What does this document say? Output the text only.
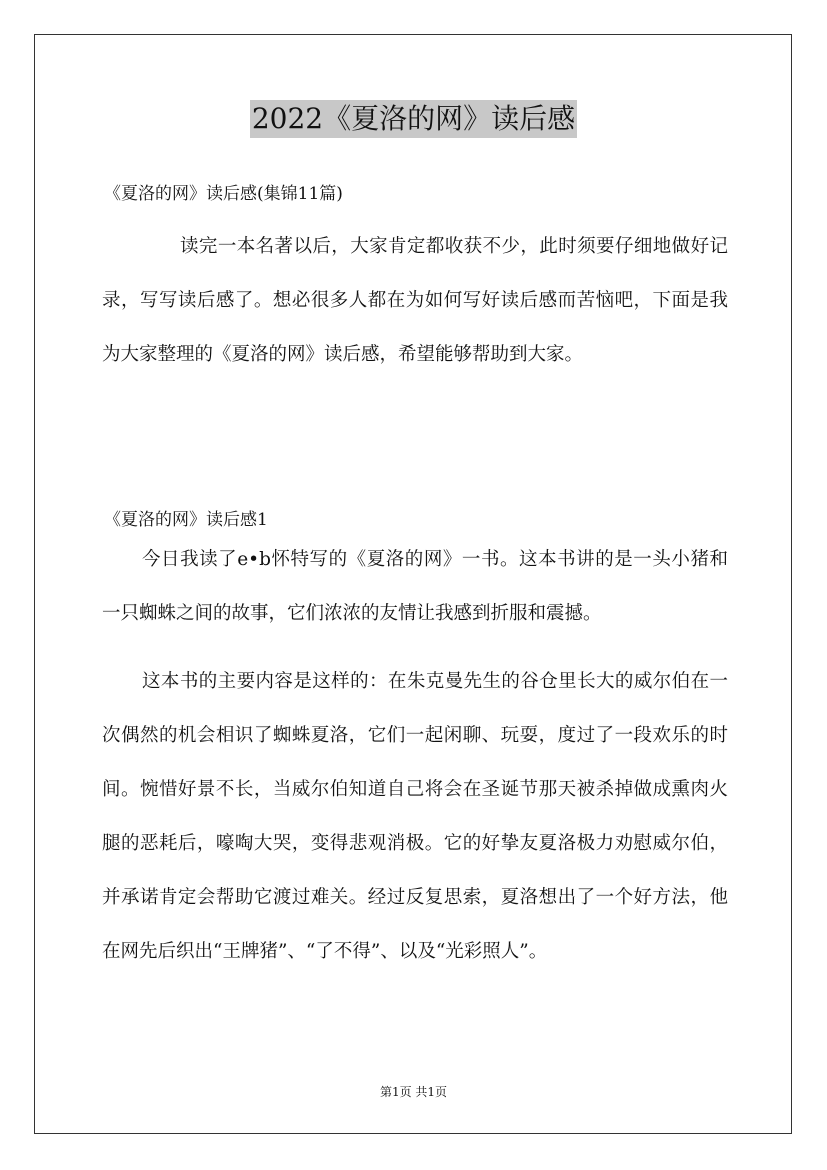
2022《夏洛的网》读后感
《夏洛的网》读后感(集锦11篇)

读完一本名著以后，大家肯定都收获不少，此时须要仔细地做好记录，写写读后感了。想必很多人都在为如何写好读后感而苦恼吧，下面是我为大家整理的《夏洛的网》读后感，希望能够帮助到大家。

《夏洛的网》读后感1

今日我读了e•b怀特写的《夏洛的网》一书。这本书讲的是一头小猪和一只蜘蛛之间的故事，它们浓浓的友情让我感到折服和震撼。

这本书的主要内容是这样的：在朱克曼先生的谷仓里长大的威尔伯在一次偶然的机会相识了蜘蛛夏洛，它们一起闲聊、玩耍，度过了一段欢乐的时间。惋惜好景不长，当威尔伯知道自己将会在圣诞节那天被杀掉做成熏肉火腿的恶耗后，嚎啕大哭，变得悲观消极。它的好挚友夏洛极力劝慰威尔伯，并承诺肯定会帮助它渡过难关。经过反复思索，夏洛想出了一个好方法，他在网先后织出“王牌猪”、“了不得”、以及“光彩照人”。

第1页 共1页
